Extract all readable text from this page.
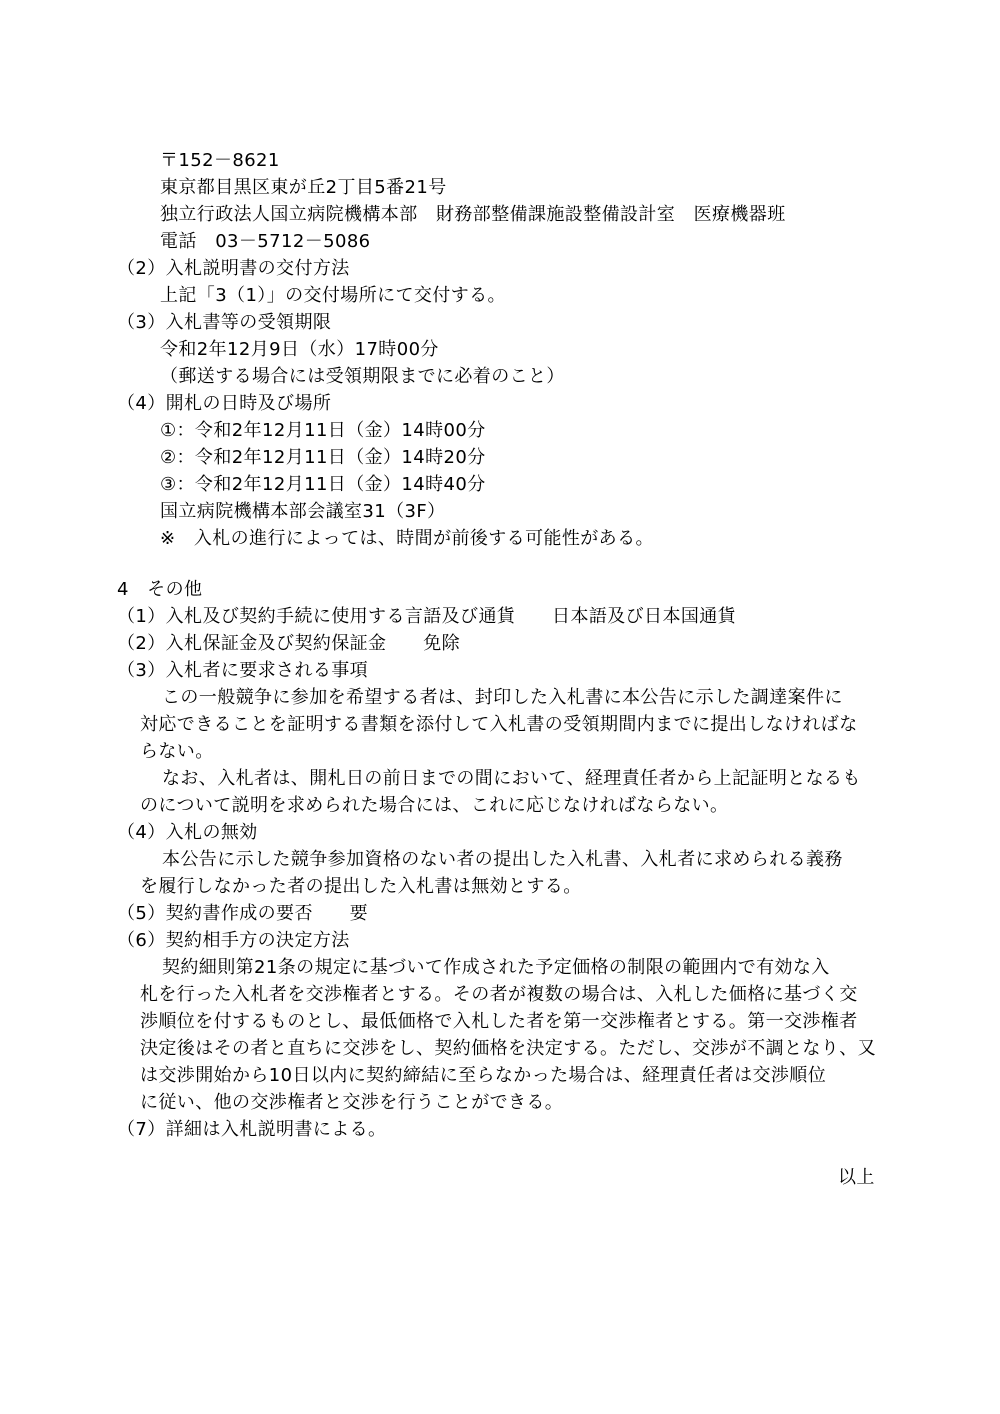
〒152－8621
東京都目黒区東が丘2丁目5番21号
独立行政法人国立病院機構本部　財務部整備課施設整備設計室　医療機器班
電話　03－5712－5086
（2）入札説明書の交付方法
上記「3（1）」の交付場所にて交付する。
（3）入札書等の受領期限
令和2年12月9日（水）17時00分
（郵送する場合には受領期限までに必着のこと）
（4）開札の日時及び場所
①：令和2年12月11日（金）14時00分
②：令和2年12月11日（金）14時20分
③：令和2年12月11日（金）14時40分
国立病院機構本部会議室31（3F）
※　入札の進行によっては、時間が前後する可能性がある。
4　その他
（1）入札及び契約手続に使用する言語及び通貨　　日本語及び日本国通貨
（2）入札保証金及び契約保証金　　免除
（3）入札者に要求される事項
この一般競争に参加を希望する者は、封印した入札書に本公告に示した調達案件に
対応できることを証明する書類を添付して入札書の受領期間内までに提出しなければな
らない。
なお、入札者は、開札日の前日までの間において、経理責任者から上記証明となるも
のについて説明を求められた場合には、これに応じなければならない。
（4）入札の無効
本公告に示した競争参加資格のない者の提出した入札書、入札者に求められる義務
を履行しなかった者の提出した入札書は無効とする。
（5）契約書作成の要否　　要
（6）契約相手方の決定方法
契約細則第21条の規定に基づいて作成された予定価格の制限の範囲内で有効な入
札を行った入札者を交渉権者とする。その者が複数の場合は、入札した価格に基づく交
渉順位を付するものとし、最低価格で入札した者を第一交渉権者とする。第一交渉権者
決定後はその者と直ちに交渉をし、契約価格を決定する。ただし、交渉が不調となり、又
は交渉開始から10日以内に契約締結に至らなかった場合は、経理責任者は交渉順位
に従い、他の交渉権者と交渉を行うことができる。
（7）詳細は入札説明書による。
以上
